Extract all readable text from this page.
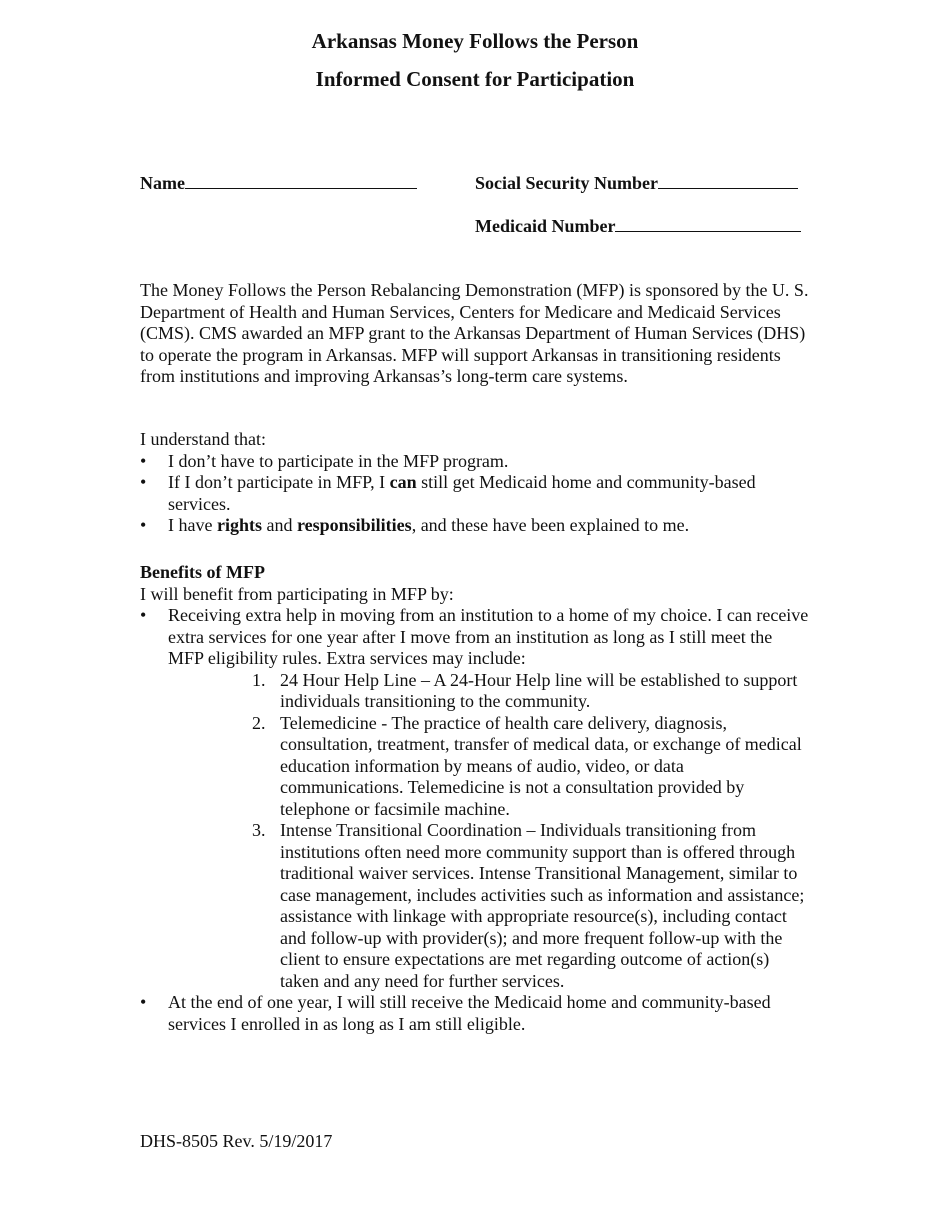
Arkansas Money Follows the Person
Informed Consent for Participation
Name	Social Security Number
Medicaid Number

The Money Follows the Person Rebalancing Demonstration (MFP) is sponsored by the U. S. Department of Health and Human Services, Centers for Medicare and Medicaid Services (CMS). CMS awarded an MFP grant to the Arkansas Department of Human Services (DHS) to operate the program in Arkansas. MFP will support Arkansas in transitioning residents from institutions and improving Arkansas’s long-term care systems.

I understand that:

•	I don’t have to participate in the MFP program.
•	If I don’t participate in MFP, I can still get Medicaid home and community-based services.
•	I have rights and responsibilities, and these have been explained to me.

Benefits of MFP

I will benefit from participating in MFP by:

•	Receiving extra help in moving from an institution to a home of my choice. I can receive extra services for one year after I move from an institution as long as I still meet the MFP eligibility rules. Extra services may include:
1. 24 Hour Help Line – A 24-Hour Help line will be established to support individuals transitioning to the community.
2. Telemedicine - The practice of health care delivery, diagnosis, consultation, treatment, transfer of medical data, or exchange of medical education information by means of audio, video, or data communications. Telemedicine is not a consultation provided by telephone or facsimile machine.
3. Intense Transitional Coordination – Individuals transitioning from institutions often need more community support than is offered through traditional waiver services. Intense Transitional Management, similar to case management, includes activities such as information and assistance; assistance with linkage with appropriate resource(s), including contact and follow-up with provider(s); and more frequent follow-up with the client to ensure expectations are met regarding outcome of action(s) taken and any need for further services.
•	At the end of one year, I will still receive the Medicaid home and community-based services I enrolled in as long as I am still eligible.
DHS-8505 Rev. 5/19/2017
